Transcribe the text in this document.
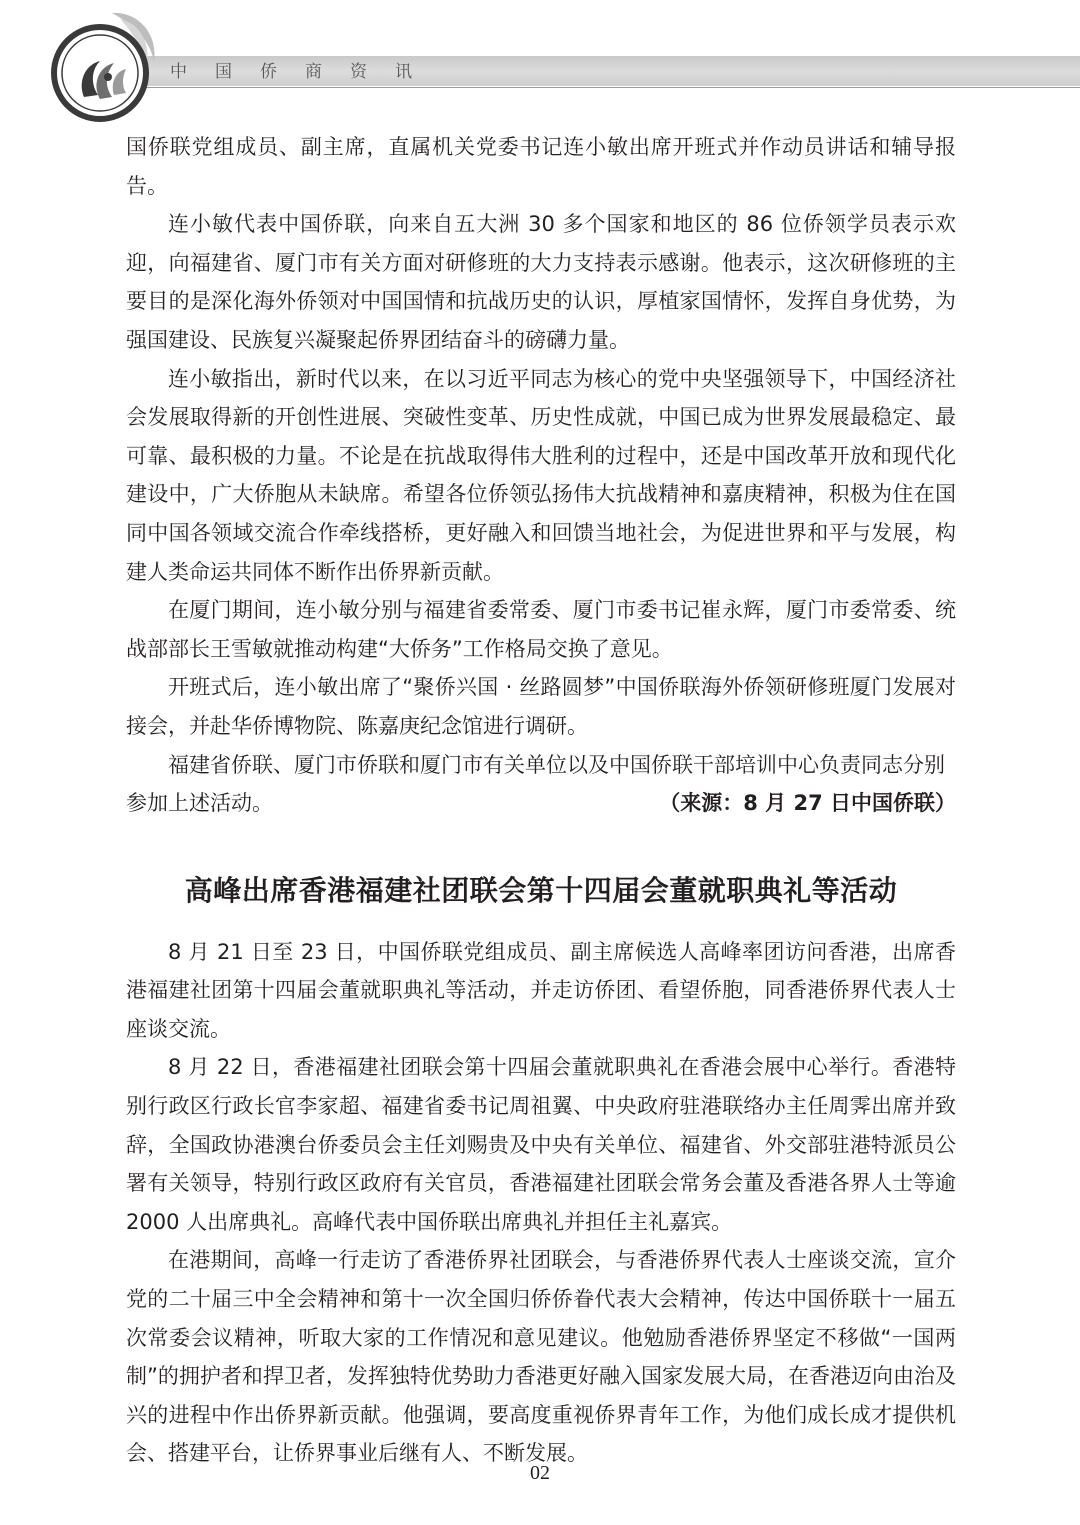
中国侨商资讯

国侨联党组成员、副主席，直属机关党委书记连小敏出席开班式并作动员讲话和辅导报告。

连小敏代表中国侨联，向来自五大洲 30 多个国家和地区的 86 位侨领学员表示欢迎，向福建省、厦门市有关方面对研修班的大力支持表示感谢。他表示，这次研修班的主要目的是深化海外侨领对中国国情和抗战历史的认识，厚植家国情怀，发挥自身优势，为强国建设、民族复兴凝聚起侨界团结奋斗的磅礴力量。

连小敏指出，新时代以来，在以习近平同志为核心的党中央坚强领导下，中国经济社会发展取得新的开创性进展、突破性变革、历史性成就，中国已成为世界发展最稳定、最可靠、最积极的力量。不论是在抗战取得伟大胜利的过程中，还是中国改革开放和现代化建设中，广大侨胞从未缺席。希望各位侨领弘扬伟大抗战精神和嘉庚精神，积极为住在国同中国各领域交流合作牵线搭桥，更好融入和回馈当地社会，为促进世界和平与发展，构建人类命运共同体不断作出侨界新贡献。

在厦门期间，连小敏分别与福建省委常委、厦门市委书记崔永辉，厦门市委常委、统战部部长王雪敏就推动构建“大侨务”工作格局交换了意见。

开班式后，连小敏出席了“聚侨兴国 · 丝路圆梦”中国侨联海外侨领研修班厦门发展对接会，并赴华侨博物院、陈嘉庚纪念馆进行调研。

福建省侨联、厦门市侨联和厦门市有关单位以及中国侨联干部培训中心负责同志分别

参加上述活动。	（来源：8 月 27 日中国侨联）
高峰出席香港福建社团联会第十四届会董就职典礼等活动

8 月 21 日至 23 日，中国侨联党组成员、副主席候选人高峰率团访问香港，出席香港福建社团第十四届会董就职典礼等活动，并走访侨团、看望侨胞，同香港侨界代表人士座谈交流。

8 月 22 日，香港福建社团联会第十四届会董就职典礼在香港会展中心举行。香港特别行政区行政长官李家超、福建省委书记周祖翼、中央政府驻港联络办主任周霁出席并致辞，全国政协港澳台侨委员会主任刘赐贵及中央有关单位、福建省、外交部驻港特派员公署有关领导，特别行政区政府有关官员，香港福建社团联会常务会董及香港各界人士等逾 2000 人出席典礼。高峰代表中国侨联出席典礼并担任主礼嘉宾。

在港期间，高峰一行走访了香港侨界社团联会，与香港侨界代表人士座谈交流，宣介党的二十届三中全会精神和第十一次全国归侨侨眷代表大会精神，传达中国侨联十一届五次常委会议精神，听取大家的工作情况和意见建议。他勉励香港侨界坚定不移做“一国两制”的拥护者和捍卫者，发挥独特优势助力香港更好融入国家发展大局，在香港迈向由治及兴的进程中作出侨界新贡献。他强调，要高度重视侨界青年工作，为他们成长成才提供机会、搭建平台，让侨界事业后继有人、不断发展。

02
